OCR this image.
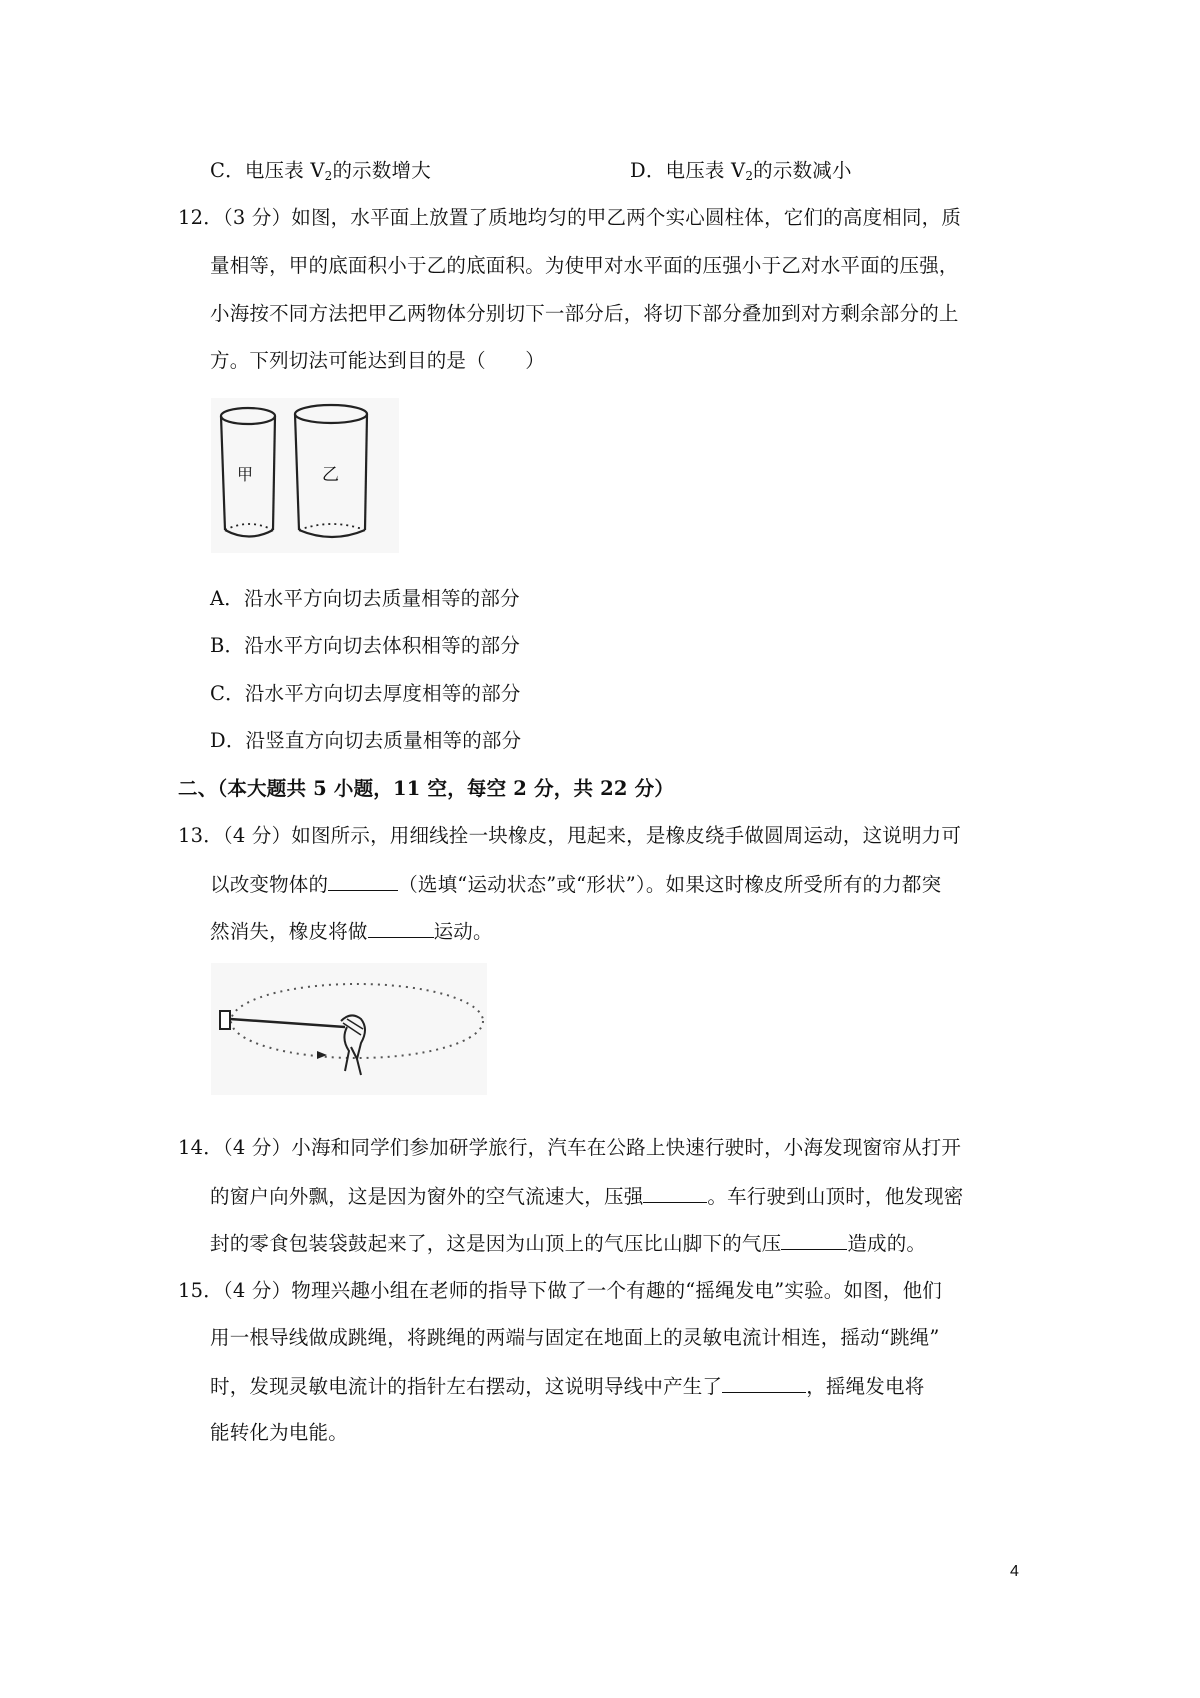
C．电压表 $V_2$的示数增大	D．电压表 $V_2$的示数减小
12．（3 分）如图，水平面上放置了质地均匀的甲乙两个实心圆柱体，它们的高度相同，质
量相等，甲的底面积小于乙的底面积。为使甲对水平面的压强小于乙对水平面的压强，
小海按不同方法把甲乙两物体分别切下一部分后，将切下部分叠加到对方剩余部分的上
方。下列切法可能达到目的是（　　）
甲	乙
A．沿水平方向切去质量相等的部分
B．沿水平方向切去体积相等的部分
C．沿水平方向切去厚度相等的部分
D．沿竖直方向切去质量相等的部分
二、（本大题共 5 小题，11 空，每空 2 分，共 22 分）
13．（4 分）如图所示，用细线拴一块橡皮，甩起来，是橡皮绕手做圆周运动，这说明力可
以改变物体的	（选填“运动状态”或“形状”）。如果这时橡皮所受所有的力都突
然消失，橡皮将做	运动。
14．（4 分）小海和同学们参加研学旅行，汽车在公路上快速行驶时，小海发现窗帘从打开
的窗户向外飘，这是因为窗外的空气流速大，压强	。车行驶到山顶时，他发现密
封的零食包装袋鼓起来了，这是因为山顶上的气压比山脚下的气压	造成的。
15．（4 分）物理兴趣小组在老师的指导下做了一个有趣的“摇绳发电”实验。如图，他们
用一根导线做成跳绳，将跳绳的两端与固定在地面上的灵敏电流计相连，摇动“跳绳”
时，发现灵敏电流计的指针左右摆动，这说明导线中产生了	，摇绳发电将
能转化为电能。
4
